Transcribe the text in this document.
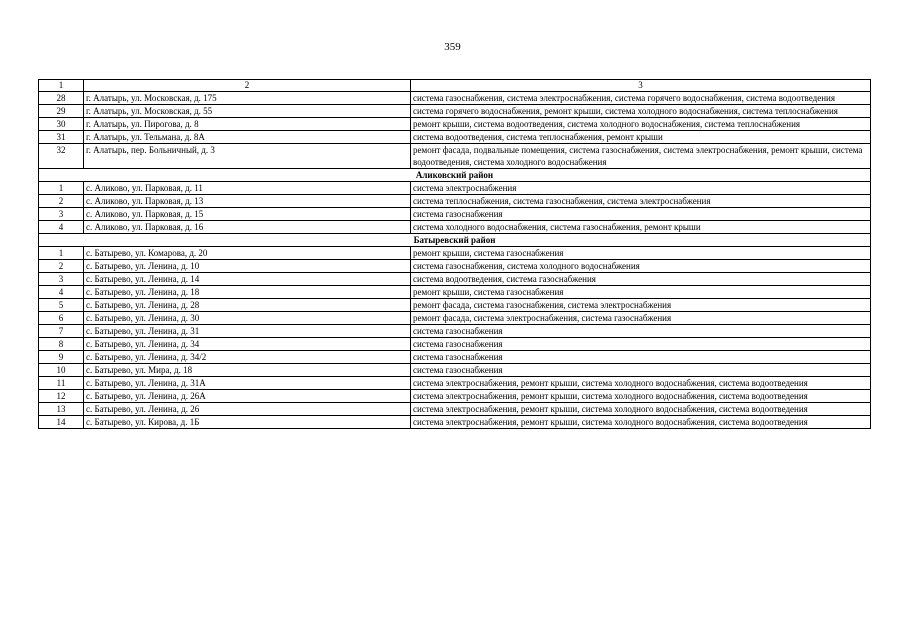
359
1	2	3
28	г. Алатырь, ул. Московская, д. 175	система газоснабжения, система электроснабжения, система горячего водоснабжения, система водоотведения
29	г. Алатырь, ул. Московская, д. 55	система горячего водоснабжения, ремонт крыши, система холодного водоснабжения, система теплоснабжения
30	г. Алатырь, ул. Пирогова, д. 8	ремонт крыши, система водоотведения, система холодного водоснабжения, система теплоснабжения
31	г. Алатырь, ул. Тельмана, д. 8А	система водоотведения, система теплоснабжения, ремонт крыши
32	г. Алатырь, пер. Больничный, д. 3	ремонт фасада, подвальные помещения, система газоснабжения, система электроснабжения, ремонт крыши, система водоотведения, система холодного водоснабжения
Аликовский район		
1	с. Аликово, ул. Парковая, д. 11	система электроснабжения
2	с. Аликово, ул. Парковая, д. 13	система теплоснабжения, система газоснабжения, система электроснабжения
3	с. Аликово, ул. Парковая, д. 15	система газоснабжения
4	с. Аликово, ул. Парковая, д. 16	система холодного водоснабжения, система газоснабжения, ремонт крыши
Батыревский район		
1	с. Батырево, ул. Комарова, д. 20	ремонт крыши, система газоснабжения
2	с. Батырево, ул. Ленина, д. 10	система газоснабжения, система холодного водоснабжения
3	с. Батырево, ул. Ленина, д. 14	система водоотведения, система газоснабжения
4	с. Батырево, ул. Ленина, д. 18	ремонт крыши, система газоснабжения
5	с. Батырево, ул. Ленина, д. 28	ремонт фасада, система газоснабжения, система электроснабжения
6	с. Батырево, ул. Ленина, д. 30	ремонт фасада, система электроснабжения, система газоснабжения
7	с. Батырево, ул. Ленина, д. 31	система газоснабжения
8	с. Батырево, ул. Ленина, д. 34	система газоснабжения
9	с. Батырево, ул. Ленина, д. 34/2	система газоснабжения
10	с. Батырево, ул. Мира, д. 18	система газоснабжения
11	с. Батырево, ул. Ленина, д. 31А	система электроснабжения, ремонт крыши, система холодного водоснабжения, система водоотведения
12	с. Батырево, ул. Ленина, д. 26А	система электроснабжения, ремонт крыши, система холодного водоснабжения, система водоотведения
13	с. Батырево, ул. Ленина, д. 26	система электроснабжения, ремонт крыши, система холодного водоснабжения, система водоотведения
14	с. Батырево, ул. Кирова, д. 1Б	система электроснабжения, ремонт крыши, система холодного водоснабжения, система водоотведения
